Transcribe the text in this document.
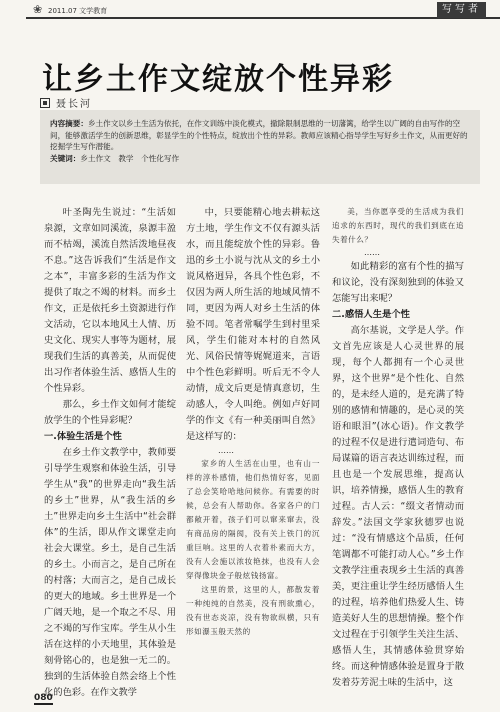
❀ 2011.07 文学教育	写写者
让乡土作文绽放个性异彩
聂长河
内容摘要：乡土作文以乡土生活为依托，在作文训练中淡化模式，撤除限制思维的一切藩篱，给学生以广阔的自由写作的空间，能够激活学生的创新思维，彰显学生的个性特点，绽放出个性的异彩。教师应该精心指导学生写好乡土作文，从而更好的挖掘学生写作潜能。
关键词：乡土作文　教学　个性化写作

叶圣陶先生说过：“生活如泉源，文章如同溪流，泉源丰盈而不枯竭，溪流自然活泼地昼夜不息。”这告诉我们“生活是作文之本”，丰富多彩的生活为作文提供了取之不竭的材料。而乡土作文，正是依托乡土资源进行作文活动，它以本地风土人情、历史文化、现实人事等为题材，展现我们生活的真善美，从而促使出习作者体验生活、感悟人生的个性异彩。

那么，乡土作文如何才能绽放学生的个性异彩呢？

一.体验生活是个性

在乡土作文教学中，教师要引导学生观察和体验生活，引导学生从“我”的世界走向“我生活的乡土”世界，从“我生活的乡土”世界走向乡土生活中“社会群体”的生活，即从作文课堂走向社会大课堂。乡土，是自己生活的乡土。小而言之，是自己所在的村落；大而言之，是自己成长的更大的地域。乡土世界是一个广阔天地，是一个取之不尽、用之不竭的写作宝库。学生从小生活在这样的小天地里，其体验是刻骨铭心的，也是独一无二的。独到的生活体验自然会络上个性化的色彩。在作文教学

中，只要能精心地去耕耘这方土地，学生作文不仅有源头活水，而且能绽放个性的异彩。鲁迅的乡土小说与沈从文的乡土小说风格迥异，各具个性色彩，不仅因为两人所生活的地域风情不同，更因为两人对乡土生活的体验不同。笔者常嘱学生到村里采风，学生们能对本村的自然风光、风俗民情等娓娓道来，言语中个性色彩鲜明。听后无不令人动情，成文后更是情真意切，生动感人，令人叫绝。例如卢好同学的作文《有一种美丽叫自然》是这样写的：

……

家乡的人生活在山里，也有山一样的淳朴感情，他们热情好客，见面了总会笑哈哈地问候你。有需要的时候，总会有人帮助你。各家各户的门都敞开着，孩子们可以窜来窜去，没有商品房的隔阂，没有关上铁门的沉重巨响。这里的人衣着朴素而大方，没有人会施以浓妆艳抹，也没有人会穿得像块金子般炫钱扬富。

这里的景，这里的人，都散发着一种纯纯的自然美，没有刑欲熏心，没有世态炎凉，没有物欲纵横，只有形如瀑玉般天然的

美，当你愿享受的生活成为我们追求的东西时，现代的我们到底在追失着什么？

……

如此精彩的富有个性的描写和议论，没有深刻独到的体验又怎能写出来呢？

二.感悟人生是个性

高尔基说，文学是人学。作文首先应该是人心灵世界的展现，每个人都拥有一个心灵世界，这个世界“是个性化、自然的，是未经人道的，是充满了特别的感情和情趣的，是心灵的笑语和眼泪”(冰心语)。作文教学的过程不仅是进行遣词造句、布局谋篇的语言表达训练过程，而且也是一个发展思维，提高认识，培养情操，感悟人生的教育过程。古人云：“缀文者情动而辞发。”法国文学家狄德罗也说过：“没有情感这个品质，任何笔调都不可能打动人心。”乡土作文教学注重表现乡土生活的真善美，更注重让学生经历感悟人生的过程，培养他们热爱人生、铸造美好人生的思想情操。整个作文过程在于引领学生关注生活、感悟人生，其情感体验贯穿始终。而这种情感体验是置身于散发着芬芳泥土味的生活中，这

080
